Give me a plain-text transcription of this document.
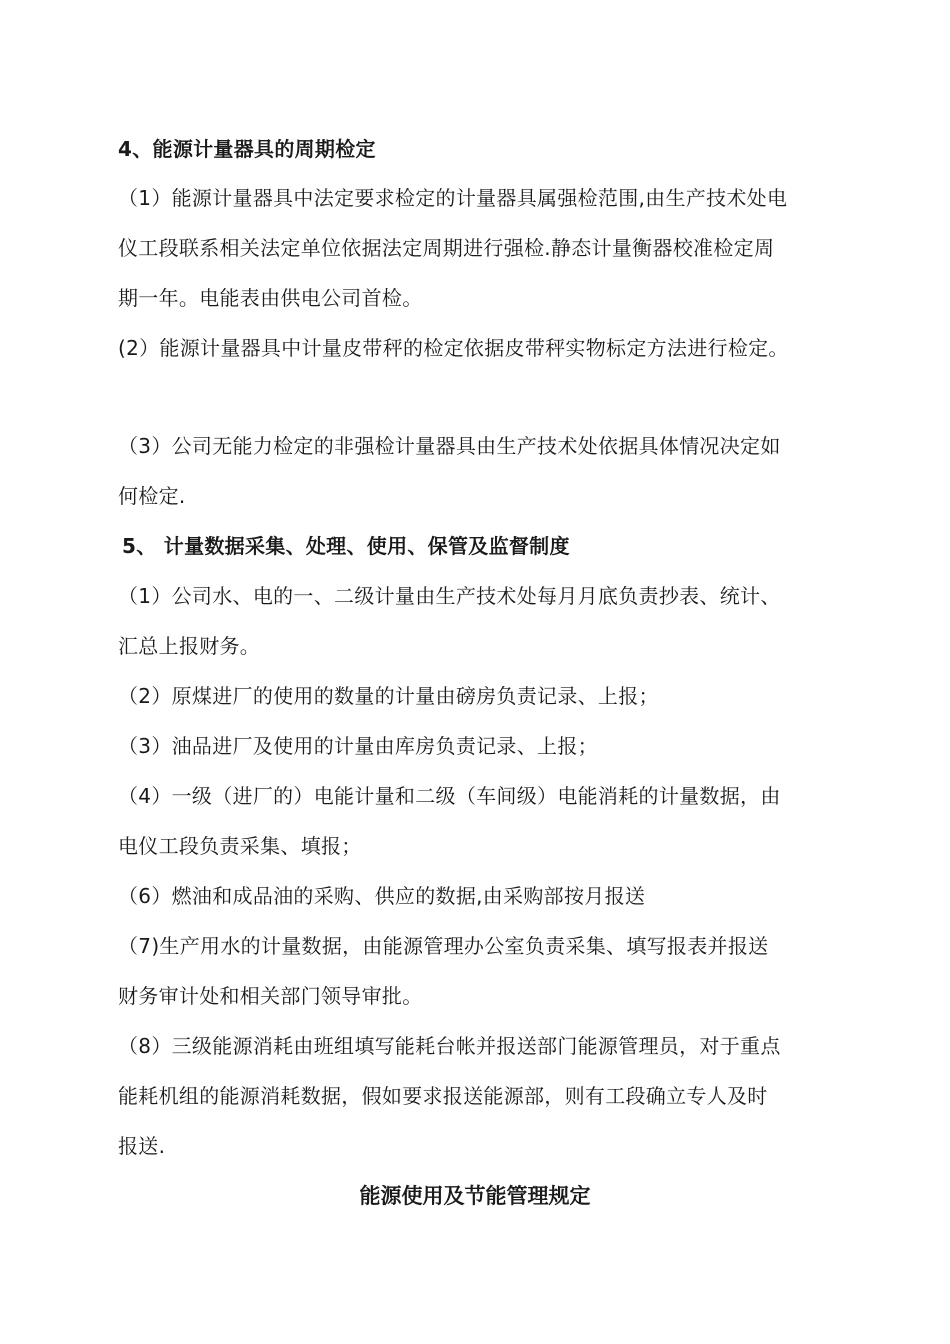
4、能源计量器具的周期检定
（1）能源计量器具中法定要求检定的计量器具属强检范围,由生产技术处电
仪工段联系相关法定单位依据法定周期进行强检.静态计量衡器校准检定周
期一年。电能表由供电公司首检。
(2）能源计量器具中计量皮带秤的检定依据皮带秤实物标定方法进行检定。
（3）公司无能力检定的非强检计量器具由生产技术处依据具体情况决定如
何检定.
5、 计量数据采集、处理、使用、保管及监督制度
（1）公司水、电的一、二级计量由生产技术处每月月底负责抄表、统计、
汇总上报财务。
（2）原煤进厂的使用的数量的计量由磅房负责记录、上报；
（3）油品进厂及使用的计量由库房负责记录、上报；
（4）一级（进厂的）电能计量和二级（车间级）电能消耗的计量数据，由
电仪工段负责采集、填报；
（6）燃油和成品油的采购、供应的数据,由采购部按月报送
（7)生产用水的计量数据，由能源管理办公室负责采集、填写报表并报送
财务审计处和相关部门领导审批。
（8）三级能源消耗由班组填写能耗台帐并报送部门能源管理员，对于重点
能耗机组的能源消耗数据，假如要求报送能源部，则有工段确立专人及时
报送.
能源使用及节能管理规定
